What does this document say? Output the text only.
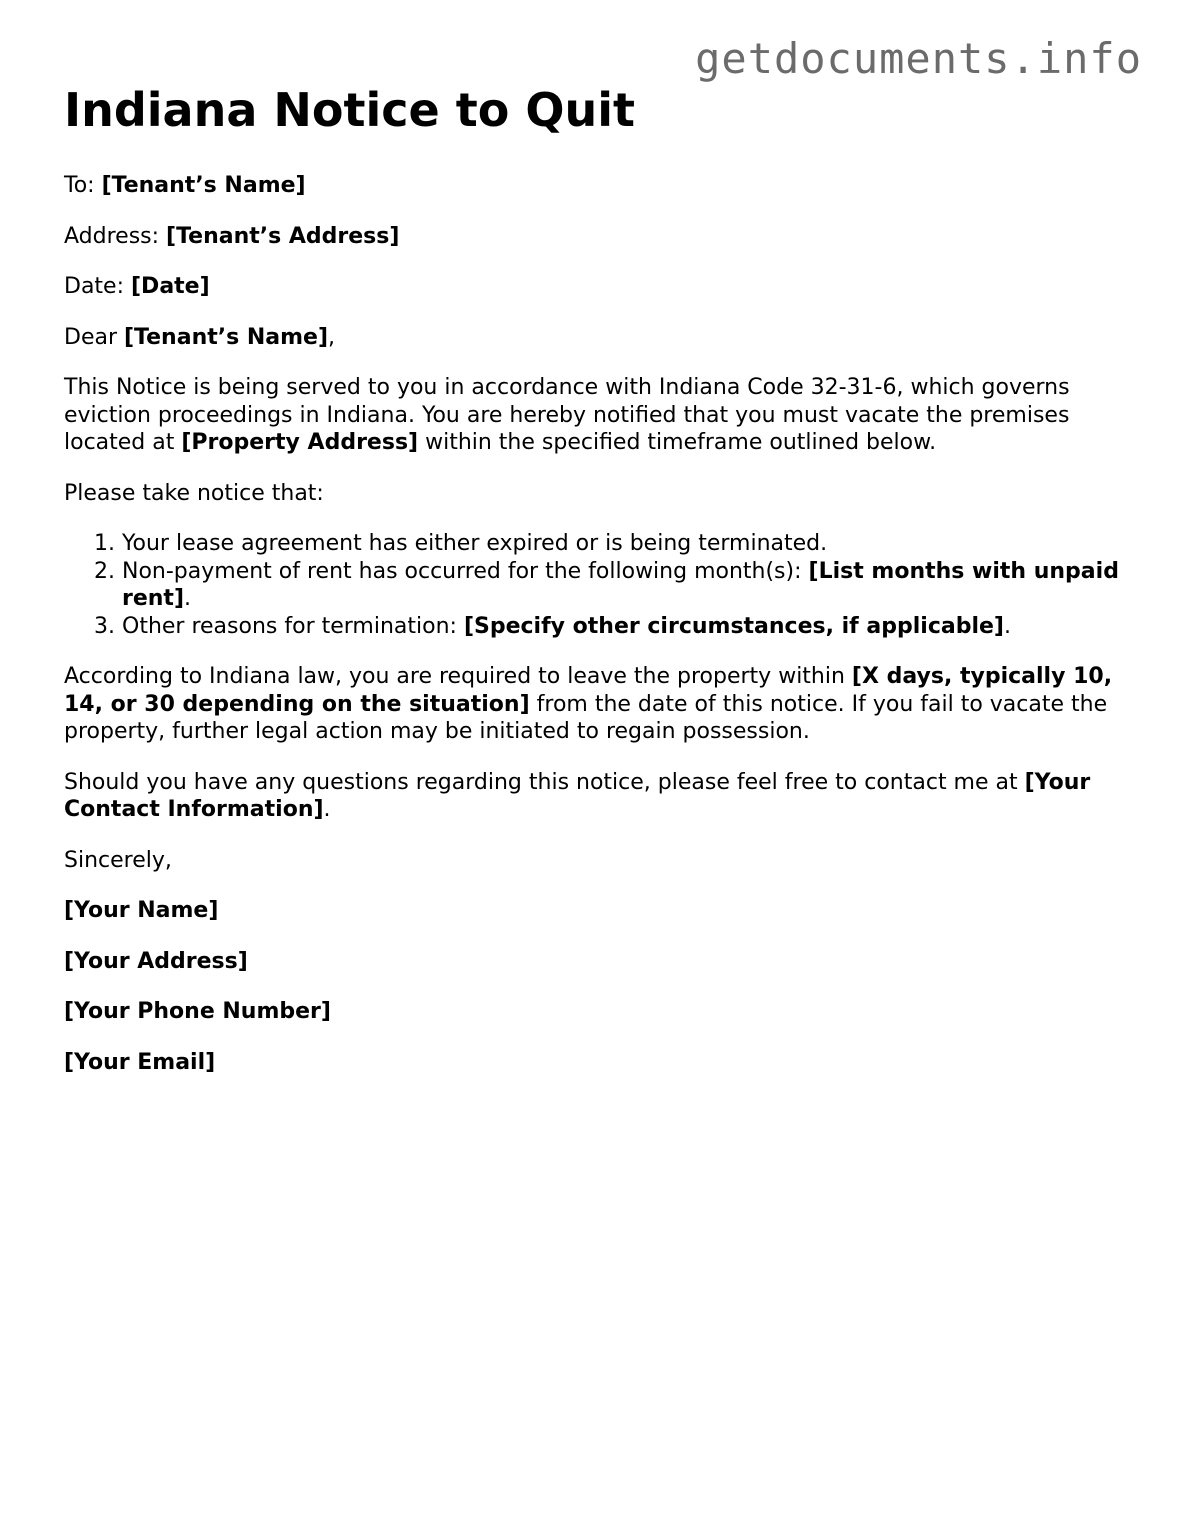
getdocuments.info
Indiana Notice to Quit

To: [Tenant’s Name]

Address: [Tenant’s Address]

Date: [Date]

Dear [Tenant’s Name],

This Notice is being served to you in accordance with Indiana Code 32-31-6, which governs eviction proceedings in Indiana. You are hereby notified that you must vacate the premises located at [Property Address] within the specified timeframe outlined below.

Please take notice that:

1. Your lease agreement has either expired or is being terminated.
2. Non-payment of rent has occurred for the following month(s): [List months with unpaid rent].
3. Other reasons for termination: [Specify other circumstances, if applicable].

According to Indiana law, you are required to leave the property within [X days, typically 10, 14, or 30 depending on the situation] from the date of this notice. If you fail to vacate the property, further legal action may be initiated to regain possession.

Should you have any questions regarding this notice, please feel free to contact me at [Your Contact Information].

Sincerely,

[Your Name]

[Your Address]

[Your Phone Number]

[Your Email]
